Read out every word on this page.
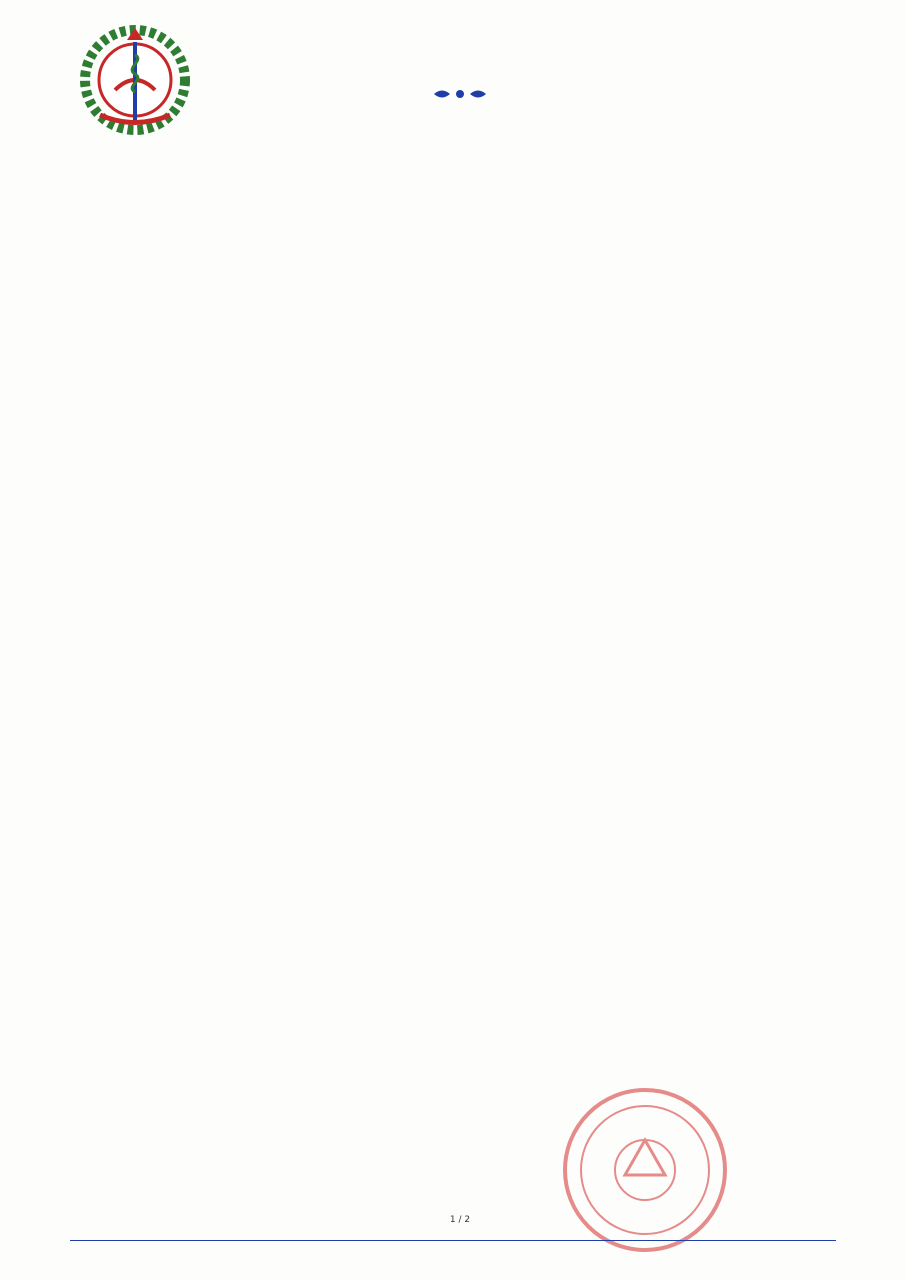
1 / 2
